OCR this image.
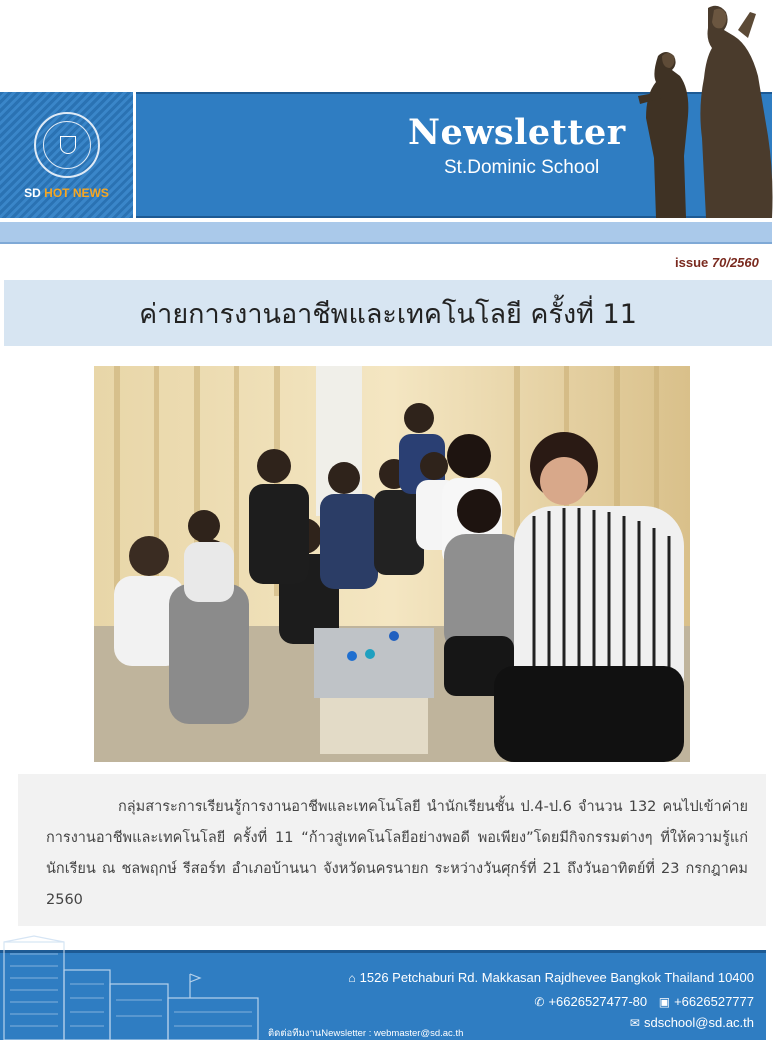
SD HOT NEWS
Newsletter
St.Dominic School
issue 70/2560
ค่ายการงานอาชีพและเทคโนโลยี ครั้งที่ 11

กลุ่มสาระการเรียนรู้การงานอาชีพและเทคโนโลยี นำนักเรียนชั้น ป.4-ป.6 จำนวน 132 คนไปเข้าค่ายการงานอาชีพและเทคโนโลยี ครั้งที่ 11 “ก้าวสู่เทคโนโลยีอย่างพอดี พอเพียง”โดยมีกิจกรรมต่างๆ ที่ให้ความรู้แก่นักเรียน ณ ชลพฤกษ์ รีสอร์ท อำเภอบ้านนา จังหวัดนครนายก ระหว่างวันศุกร์ที่ 21 ถึงวันอาทิตย์ที่ 23 กรกฎาคม 2560

⌂ 1526 Petchaburi Rd. Makkasan Rajdhevee Bangkok Thailand 10400
✆ +6626527477-80 ▣ +6626527777
✉ sdschool@sd.ac.th
ติดต่อทีมงานNewsletter : webmaster@sd.ac.th
